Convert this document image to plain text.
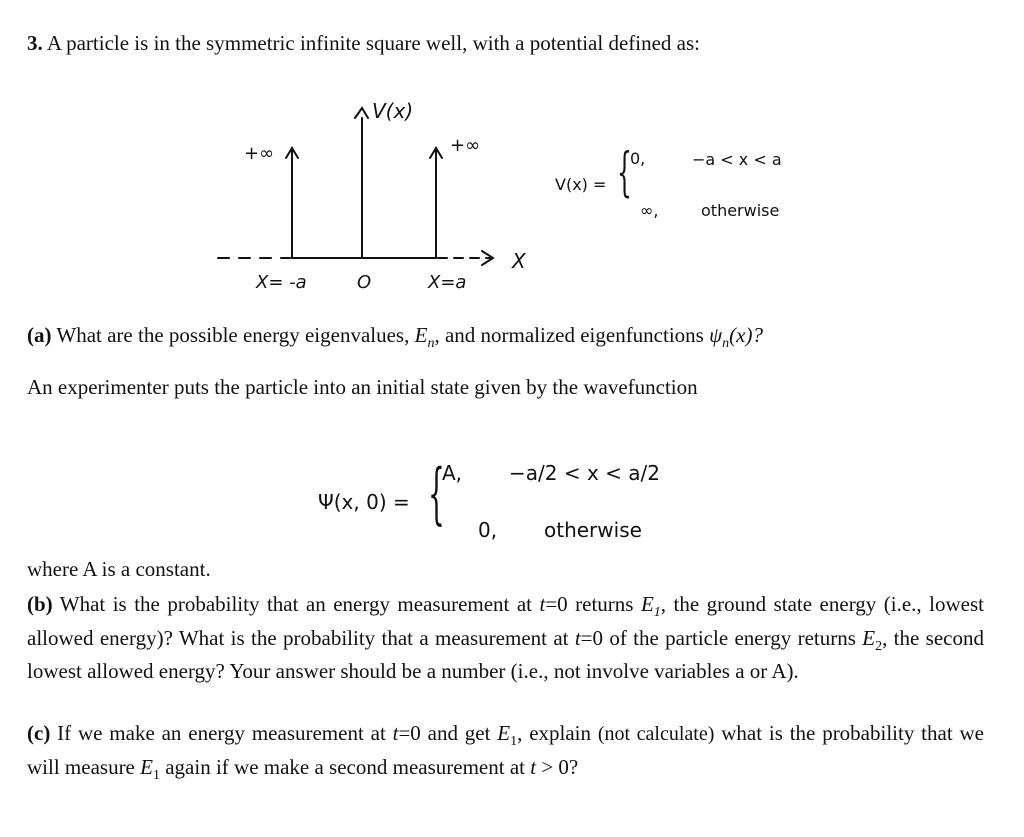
3. A particle is in the symmetric infinite square well, with a potential defined as:
V(x)
+∞	+∞
X
X= -a	O	X=a
V(x) = {
0,	−a < x < a
∞,	otherwise
(a) What are the possible energy eigenvalues, $E_n$, and normalized eigenfunctions $\psi_n(x)$?
An experimenter puts the particle into an initial state given by the wavefunction
Ψ(x, 0) = {
A, −a/2 < x < a/2
0, otherwise
where A is a constant.
(b) What is the probability that an energy measurement at t=0 returns $E_1$, the ground state energy (i.e., lowest allowed energy)? What is the probability that a measurement at t=0 of the particle energy returns $E_2$, the second lowest allowed energy? Your answer should be a number (i.e., not involve variables a or A).
(c) If we make an energy measurement at t=0 and get $E_1$, explain (not calculate) what is the probability that we will measure $E_1$ again if we make a second measurement at t > 0?
